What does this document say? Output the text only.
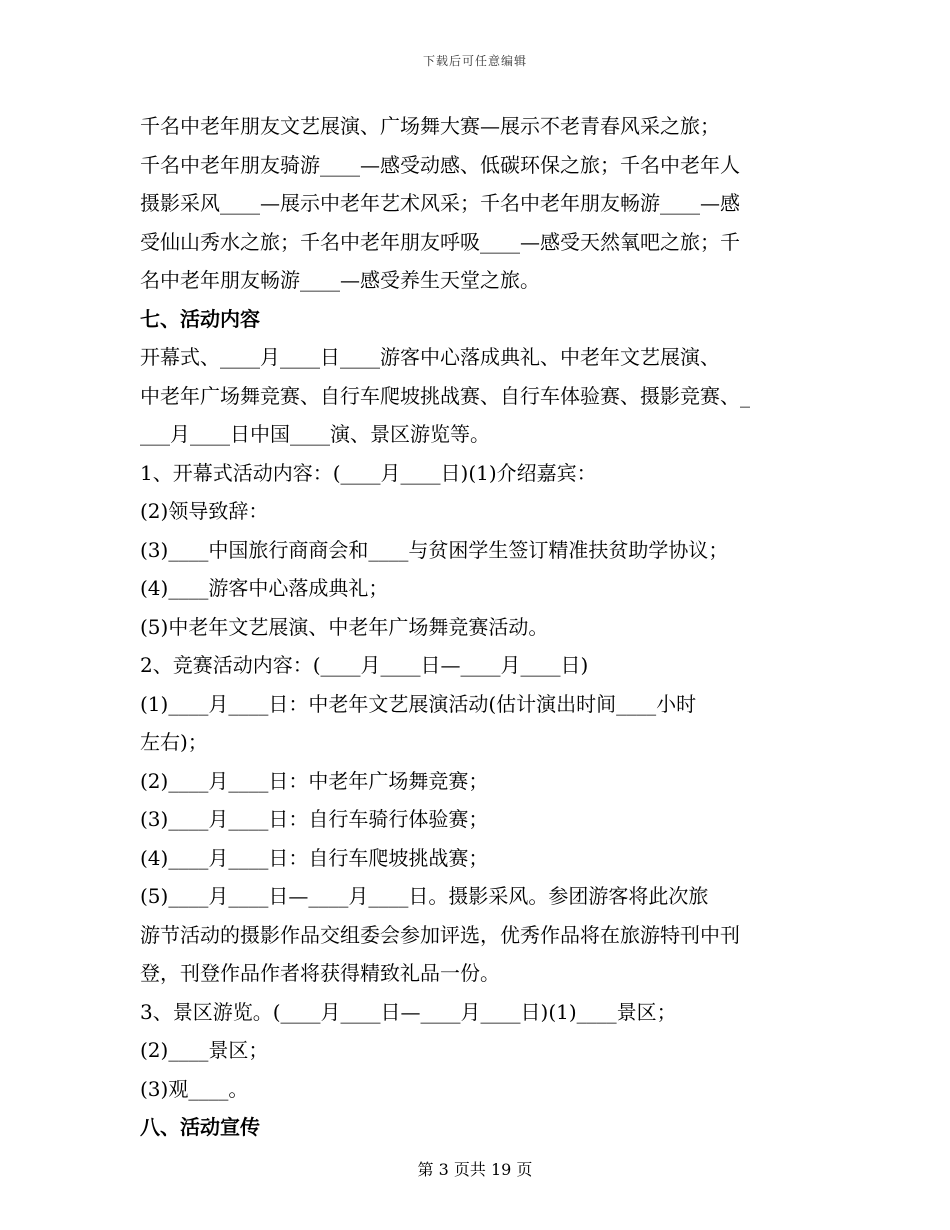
下载后可任意编辑

千名中老年朋友文艺展演、广场舞大赛—展示不老青春风采之旅；

千名中老年朋友骑游____—感受动感、低碳环保之旅；千名中老年人

摄影采风____—展示中老年艺术风采；千名中老年朋友畅游____—感

受仙山秀水之旅；千名中老年朋友呼吸____—感受天然氧吧之旅；千

名中老年朋友畅游____—感受养生天堂之旅。

七、活动内容

开幕式、____月____日____游客中心落成典礼、中老年文艺展演、

中老年广场舞竞赛、自行车爬坡挑战赛、自行车体验赛、摄影竞赛、_

___月____日中国____演、景区游览等。

1、开幕式活动内容：(____月____日)(1)介绍嘉宾：

(2)领导致辞：

(3)____中国旅行商商会和____与贫困学生签订精准扶贫助学协议；

(4)____游客中心落成典礼；

(5)中老年文艺展演、中老年广场舞竞赛活动。

2、竞赛活动内容：(____月____日—____月____日)

(1)____月____日：中老年文艺展演活动(估计演出时间____小时

左右)；

(2)____月____日：中老年广场舞竞赛；

(3)____月____日：自行车骑行体验赛；

(4)____月____日：自行车爬坡挑战赛；

(5)____月____日—____月____日。摄影采风。参团游客将此次旅

游节活动的摄影作品交组委会参加评选，优秀作品将在旅游特刊中刊

登，刊登作品作者将获得精致礼品一份。

3、景区游览。(____月____日—____月____日)(1)____景区；

(2)____景区；

(3)观____。

八、活动宣传

第 3 页共 19 页
